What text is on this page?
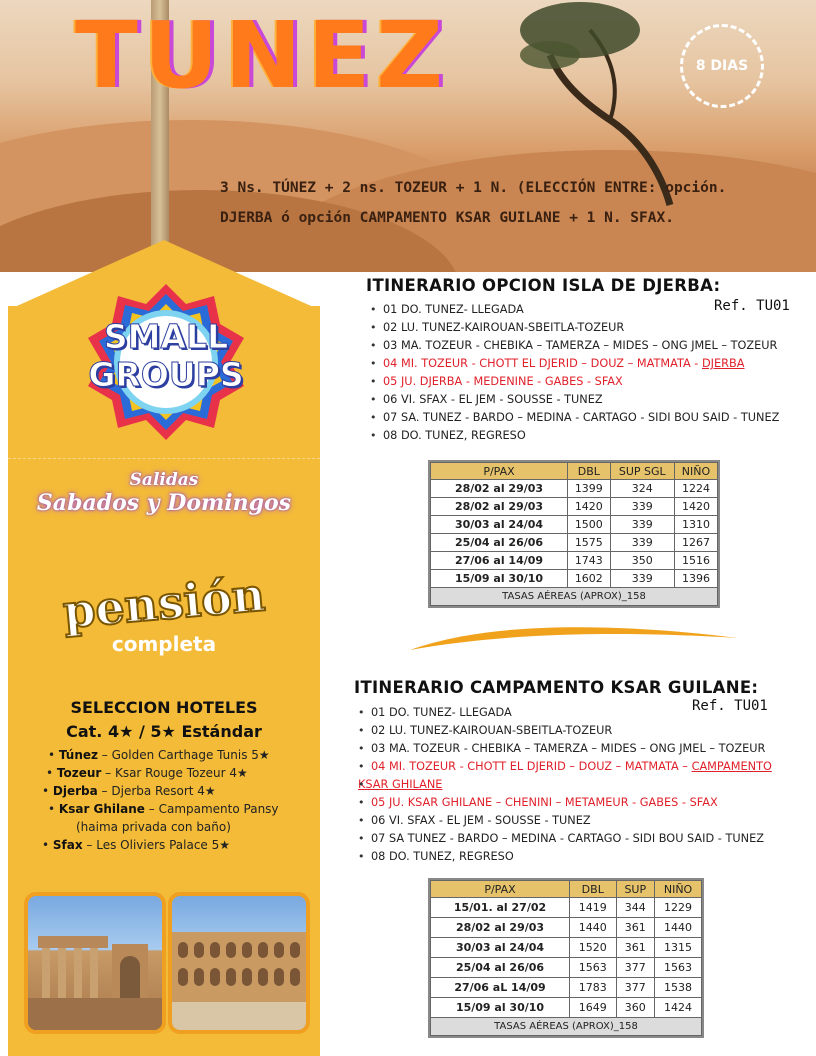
TUNEZ	8 DIAS
3 Ns. TÚNEZ + 2 ns. TOZEUR + 1 N. (ELECCIÓN ENTRE: opción.
DJERBA ó opción CAMPAMENTO KSAR GUILANE + 1 N. SFAX.
SMALL
GROUPS
Salidas
Sabados y Domingos
pensión
completa
SELECCION HOTELES
Cat. 4★ / 5★ Estándar
• Túnez – Golden Carthage Tunis 5★
• Tozeur – Ksar Rouge Tozeur 4★
• Djerba – Djerba Resort 4★
• Ksar Ghilane – Campamento Pansy
(haima privada con baño)
• Sfax – Les Oliviers Palace 5★
ITINERARIO OPCION ISLA DE DJERBA:
Ref. TU01
• 01 DO. TUNEZ- LLEGADA
• 02 LU. TUNEZ-KAIROUAN-SBEITLA-TOZEUR
• 03 MA. TOZEUR - CHEBIKA – TAMERZA – MIDES – ONG JMEL – TOZEUR
• 04 MI. TOZEUR - CHOTT EL DJERID – DOUZ – MATMATA - DJERBA
• 05 JU. DJERBA - MEDENINE - GABES - SFAX
• 06 VI. SFAX - EL JEM - SOUSSE - TUNEZ
• 07 SA. TUNEZ - BARDO – MEDINA - CARTAGO - SIDI BOU SAID - TUNEZ
• 08 DO. TUNEZ, REGRESO
P/PAX	DBL	SUP SGL	NIÑO
28/02 al 29/03	1399	324	1224
28/02 al 29/03	1420	339	1420
30/03 al 24/04	1500	339	1310
25/04 al 26/06	1575	339	1267
27/06 al 14/09	1743	350	1516
15/09 al 30/10	1602	339	1396
TASAS AÉREAS (APROX)_158			
ITINERARIO CAMPAMENTO KSAR GUILANE:
Ref. TU01
• 01 DO. TUNEZ- LLEGADA
• 02 LU. TUNEZ-KAIROUAN-SBEITLA-TOZEUR
• 03 MA. TOZEUR - CHEBIKA – TAMERZA – MIDES – ONG JMEL – TOZEUR
• 04 MI. TOZEUR - CHOTT EL DJERID – DOUZ – MATMATA – CAMPAMENTO
• KSAR GHILANE
• 05 JU. KSAR GHILANE – CHENINI – METAMEUR - GABES - SFAX
• 06 VI. SFAX - EL JEM - SOUSSE - TUNEZ
• 07 SA TUNEZ - BARDO – MEDINA - CARTAGO - SIDI BOU SAID - TUNEZ
• 08 DO. TUNEZ, REGRESO
P/PAX	DBL	SUP	NIÑO
15/01. al 27/02	1419	344	1229
28/02 al 29/03	1440	361	1440
30/03 al 24/04	1520	361	1315
25/04 al 26/06	1563	377	1563
27/06 aL 14/09	1783	377	1538
15/09 al 30/10	1649	360	1424
TASAS AÉREAS (APROX)_158			
